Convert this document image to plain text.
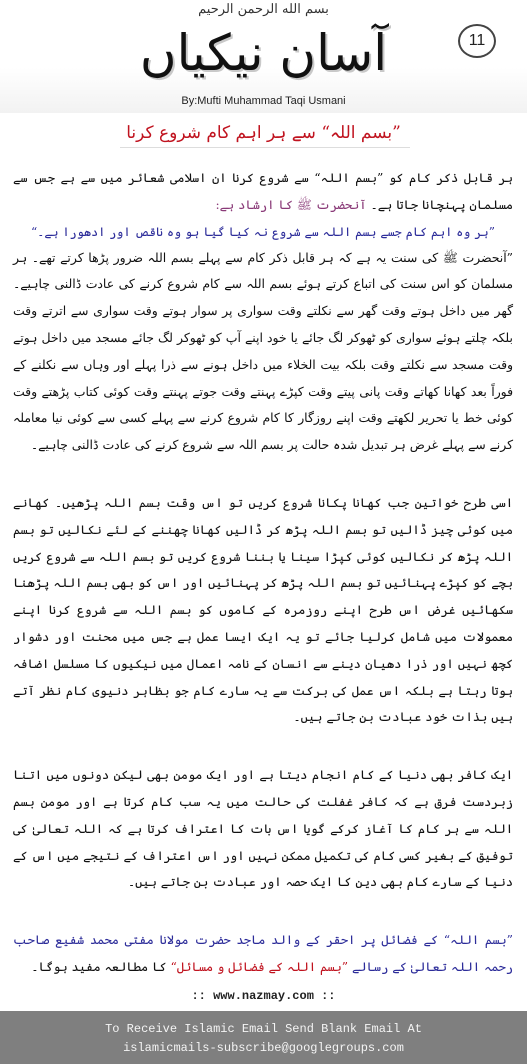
بسم الله الرحمن الرحیم
آسان نیکیاں	11
By:Mufti Muhammad Taqi Usmani
”بسم اللہ“ سے ہر اہم کام شروع کرنا

ہر قابل ذکر کام کو ”بسم اللہ“ سے شروع کرنا ان اسلامی شعائر میں سے ہے جس سے مسلمان پہنچانا جاتا ہے۔ آنحضرت ﷺ کا ارشاد ہے:

”ہر وہ اہم کام جسے بسم اللہ سے شروع نہ کیا گیا ہو وہ ناقص اور ادھورا ہے۔“

”آنحضرت ﷺ کی سنت یہ ہے کہ ہر قابل ذکر کام سے پہلے بسم اللہ ضرور پڑھا کرتے تھے۔ ہر مسلمان کو اس سنت کی اتباع کرتے ہوئے بسم اللہ سے کام شروع کرنے کی عادت ڈالنی چاہیے۔ گھر میں داخل ہوتے وقت گھر سے نکلتے وقت سواری پر سوار ہوتے وقت سواری سے اترتے وقت بلکہ چلتے ہوئے سواری کو ٹھوکر لگ جائے یا خود اپنے آپ کو ٹھوکر لگ جائے مسجد میں داخل ہوتے وقت مسجد سے نکلتے وقت بلکہ بیت الخلاء میں داخل ہونے سے ذرا پہلے اور وہاں سے نکلنے کے فوراً بعد کھانا کھاتے وقت پانی پیتے وقت کپڑے پہنتے وقت جوتے پہنتے وقت کوئی کتاب پڑھتے وقت کوئی خط یا تحریر لکھتے وقت اپنے روزگار کا کام شروع کرنے سے پہلے کسی سے کوئی نیا معاملہ کرنے سے پہلے غرض ہر تبدیل شدہ حالت پر بسم اللہ سے شروع کرنے کی عادت ڈالنی چاہیے۔

اسی طرح خواتین جب کھانا پکانا شروع کریں تو اس وقت بسم اللہ پڑھیں۔ کھانے میں کوئی چیز ڈالیں تو بسم اللہ پڑھ کر ڈالیں کھانا چھننے کے لئے نکالیں تو بسم اللہ پڑھ کر نکالیں کوئی کپڑا سینا یا بننا شروع کریں تو بسم اللہ سے شروع کریں بچے کو کپڑے پہنائیں تو بسم اللہ پڑھ کر پہنائیں اور اس کو بھی بسم اللہ پڑھنا سکھائیں غرض اس طرح اپنے روزمرہ کے کاموں کو بسم اللہ سے شروع کرنا اپنے معمولات میں شامل کرلیا جائے تو یہ ایک ایسا عمل ہے جس میں محنت اور دشوار کچھ نہیں اور ذرا دھیان دینے سے انسان کے نامہ اعمال میں نیکیوں کا مسلسل اضافہ ہوتا رہتا ہے بلکہ اس عمل کی برکت سے یہ سارے کام جو بظاہر دنیوی کام نظر آتے ہیں بذات خود عبادت بن جاتے ہیں۔

ایک کافر بھی دنیا کے کام انجام دیتا ہے اور ایک مومن بھی لیکن دونوں میں اتنا زبردست فرق ہے کہ کافر غفلت کی حالت میں یہ سب کام کرتا ہے اور مومن بسم اللہ سے ہر کام کا آغاز کرکے گویا اس بات کا اعتراف کرتا ہے کہ اللہ تعالیٰ کی توفیق کے بغیر کسی کام کی تکمیل ممکن نہیں اور اس اعتراف کے نتیجے میں اس کے دنیا کے سارے کام بھی دین کا ایک حصہ اور عبادت بن جاتے ہیں۔

”بسم اللہ“ کے فضائل پر احقر کے والد ماجد حضرت مولانا مفتی محمد شفیع صاحب رحمہ اللہ تعالیٰ کے رسالے ”بسم اللہ کے فضائل و مسائل“ کا مطالعہ مفید ہوگا۔

:: www.nazmay.com ::
To Receive Islamic Email Send Blank Email At
islamicmails-subscribe@googlegroups.com
